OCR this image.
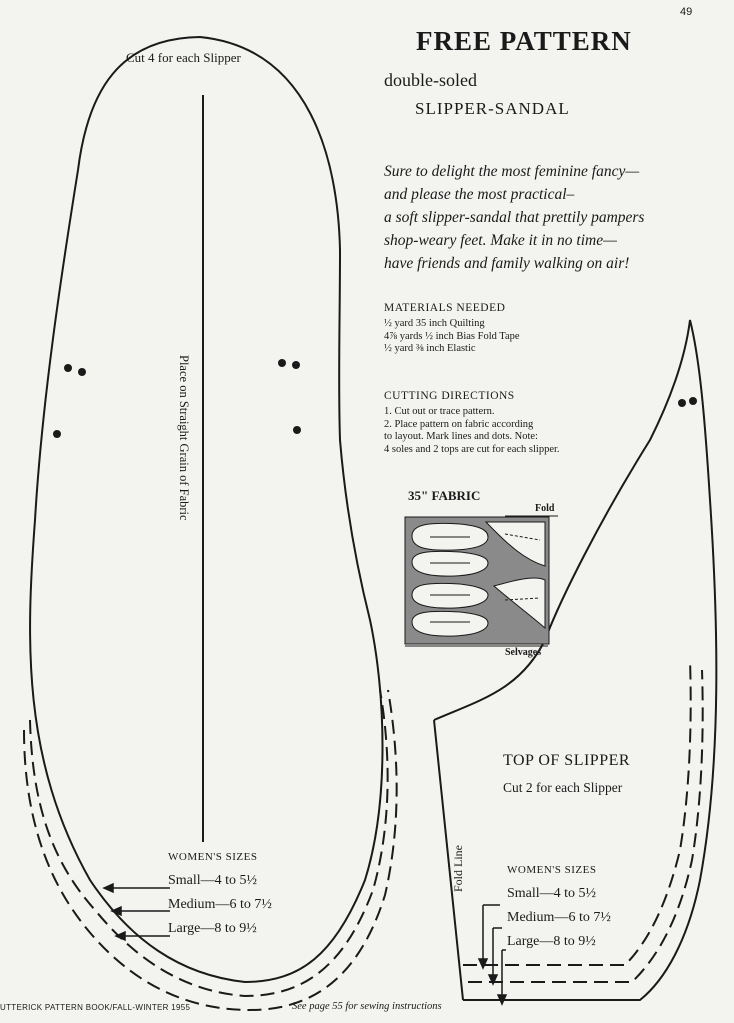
49
FREE PATTERN
double-soled
SLIPPER-SANDAL
Sure to delight the most feminine fancy—
and please the most practical–
a soft slipper-sandal that prettily pampers
shop-weary feet. Make it in no time—
have friends and family walking on air!
MATERIALS NEEDED
½ yard 35 inch Quilting
4⅞ yards ½ inch Bias Fold Tape
½ yard ⅜ inch Elastic
CUTTING DIRECTIONS
1. Cut out or trace pattern.
2. Place pattern on fabric according
to layout. Mark lines and dots. Note:
4 soles and 2 tops are cut for each slipper.
35" FABRIC
Fold
Selvages
Cut 4 for each Slipper
Place on Straight Grain of Fabric
TOP OF SLIPPER
Cut 2 for each Slipper
Fold Line
WOMEN'S SIZES
Small—4 to 5½
Medium—6 to 7½
Large—8 to 9½
WOMEN'S SIZES
Small—4 to 5½
Medium—6 to 7½
Large—8 to 9½
UTTERICK PATTERN BOOK/FALL-WINTER 1955	See page 55 for sewing instructions
